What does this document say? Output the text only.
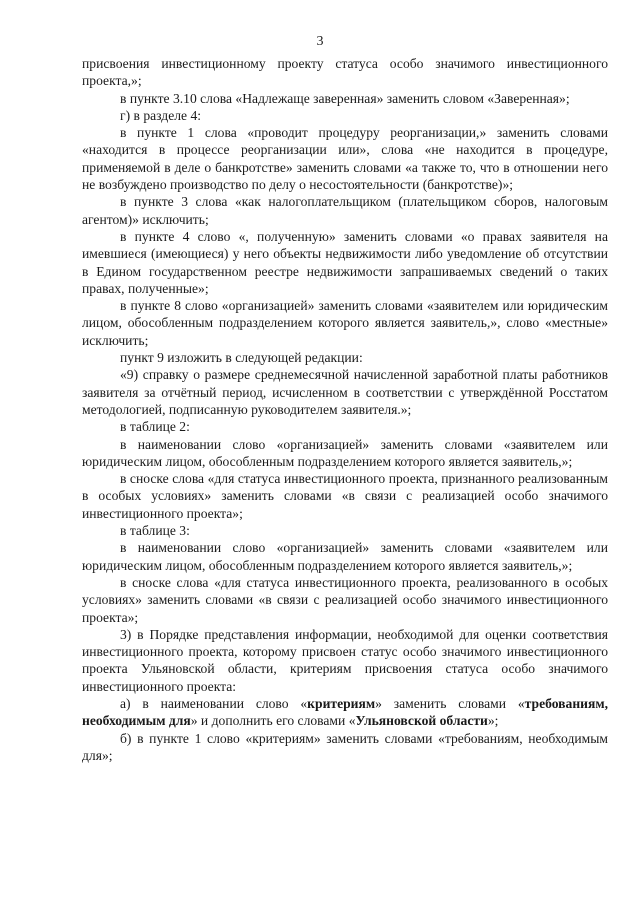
3

присвоения инвестиционному проекту статуса особо значимого инвестиционного проекта,»;

в пункте 3.10 слова «Надлежаще заверенная» заменить словом «Заверенная»;

г) в разделе 4:

в пункте 1 слова «проводит процедуру реорганизации,» заменить словами «находится в процессе реорганизации или», слова «не находится в процедуре, применяемой в деле о банкротстве» заменить словами «а также то, что в отношении него не возбуждено производство по делу о несостоятельности (банкротстве)»;

в пункте 3 слова «как налогоплательщиком (плательщиком сборов, налоговым агентом)» исключить;

в пункте 4 слово «, полученную» заменить словами «о правах заявителя на имевшиеся (имеющиеся) у него объекты недвижимости либо уведомление об отсутствии в Едином государственном реестре недвижимости запрашиваемых сведений о таких правах, полученные»;

в пункте 8 слово «организацией» заменить словами «заявителем или юридическим лицом, обособленным подразделением которого является заявитель,», слово «местные» исключить;

пункт 9 изложить в следующей редакции:

«9) справку о размере среднемесячной начисленной заработной платы работников заявителя за отчётный период, исчисленном в соответствии с утверждённой Росстатом методологией, подписанную руководителем заявителя.»;

в таблице 2:

в наименовании слово «организацией» заменить словами «заявителем или юридическим лицом, обособленным подразделением которого является заявитель,»;

в сноске слова «для статуса инвестиционного проекта, признанного реализованным в особых условиях» заменить словами «в связи с реализацией особо значимого инвестиционного проекта»;

в таблице 3:

в наименовании слово «организацией» заменить словами «заявителем или юридическим лицом, обособленным подразделением которого является заявитель,»;

в сноске слова «для статуса инвестиционного проекта, реализованного в особых условиях» заменить словами «в связи с реализацией особо значимого инвестиционного проекта»;

3) в Порядке представления информации, необходимой для оценки соответствия инвестиционного проекта, которому присвоен статус особо значимого инвестиционного проекта Ульяновской области, критериям присвоения статуса особо значимого инвестиционного проекта:

а) в наименовании слово «критериям» заменить словами «требованиям, необходимым для» и дополнить его словами «Ульяновской области»;

б) в пункте 1 слово «критериям» заменить словами «требованиям, необходимым для»;
